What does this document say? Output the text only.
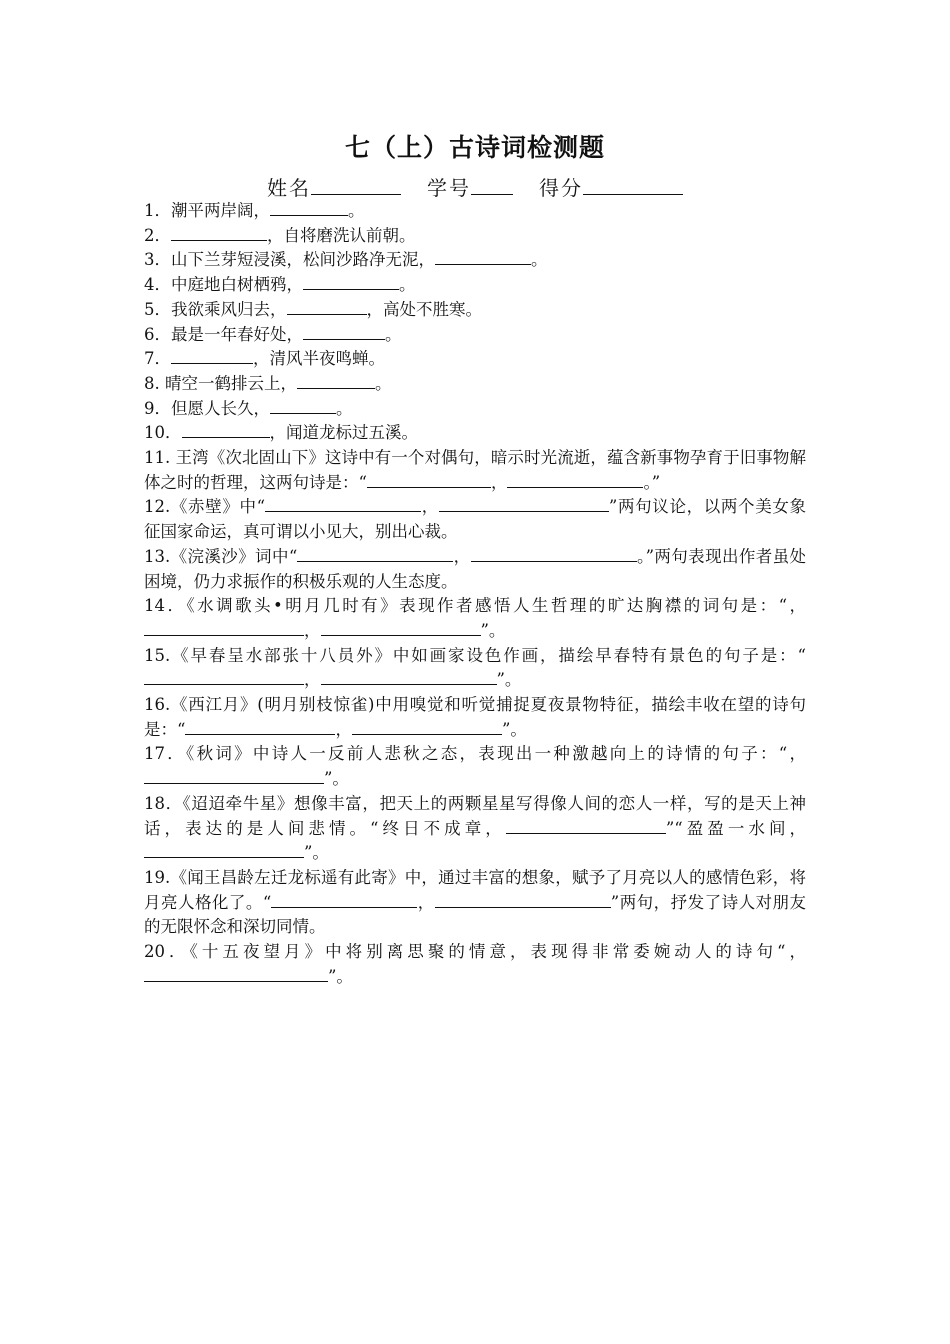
七（上）古诗词检测题
姓名	学号	得分

1．潮平两岸阔，	。

2．	，自将磨洗认前朝。

3．山下兰芽短浸溪，松间沙路净无泥，	。

4．中庭地白树栖鸦，	。

5．我欲乘风归去，	，高处不胜寒。

6．最是一年春好处，	。

7．	，清风半夜鸣蝉。

8. 晴空一鹤排云上，	。

9．但愿人长久，	。

10．	，闻道龙标过五溪。

11. 王湾《次北固山下》这诗中有一个对偶句，暗示时光流逝，蕴含新事物孕育于旧事物解体之时的哲理，这两句诗是：“	，	。”

12.《赤壁》中“	，	”两句议论，以两个美女象征国家命运，真可谓以小见大，别出心裁。

13.《浣溪沙》词中“	，	。”两句表现出作者虽处困境，仍力求振作的积极乐观的人生态度。

14．《水调歌头•明月几时有》表现作者感悟人生哲理的旷达胸襟的词句是：“，，	”。

15.《早春呈水部张十八员外》中如画家设色作画，描绘早春特有景色的句子是：“，	”。

16.《西江月》(明月别枝惊雀)中用嗅觉和听觉捕捉夏夜景物特征，描绘丰收在望的诗句是：“	，	”。

17．《秋词》中诗人一反前人悲秋之态，表现出一种激越向上的诗情的句子：“，”。

18．《迢迢牵牛星》想像丰富，把天上的两颗星星写得像人间的恋人一样，写的是天上神话，表达的是人间悲情。“终日不成章，	”“盈盈一水间，”。

19.《闻王昌龄左迁龙标遥有此寄》中，通过丰富的想象，赋予了月亮以人的感情色彩，将月亮人格化了。“	，	”两句，抒发了诗人对朋友的无限怀念和深切同情。

20．《十五夜望月》中将别离思聚的情意，表现得非常委婉动人的诗句“，”。
